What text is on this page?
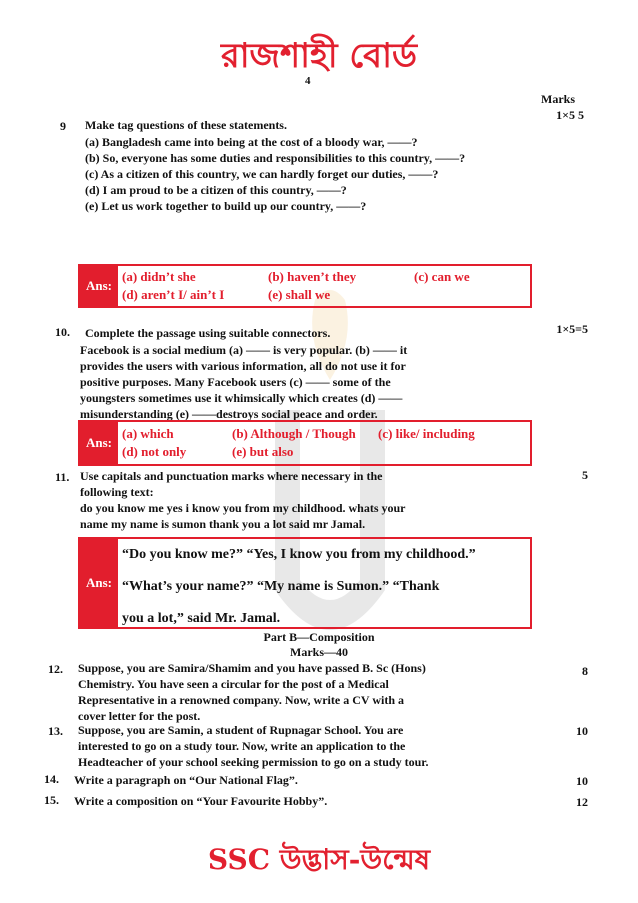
রাজশাহী বোর্ড
4
Marks
9 Make tag questions of these statements.
1×5 5
(a) Bangladesh came into being at the cost of a bloody war, ——?
(b) So, everyone has some duties and responsibilities to this country, ——?
(c) As a citizen of this country, we can hardly forget our duties, ——?
(d) I am proud to be a citizen of this country, ——?
(e) Let us work together to build up our country, ——?
Ans:
(a) didn’t she	(b) haven’t they	(c) can we
(d) aren’t I/ ain’t I	(e) shall we
10. Complete the passage using suitable connectors.	1×5=5
Facebook is a social medium (a) —— is very popular. (b) —— it
provides the users with various information, all do not use it for
positive purposes. Many Facebook users (c) —— some of the
youngsters sometimes use it whimsically which creates (d) ——
misunderstanding (e) ——destroys social peace and order.
Ans:
(a) which	(b) Although / Though (c) like/ including
(d) not only	(e) but also
11. Use capitals and punctuation marks where necessary in the
following text:
5
do you know me yes i know you from my childhood. whats your
name my name is sumon thank you a lot said mr Jamal.
Ans:
“Do you know me?” “Yes, I know you from my childhood.”
“What’s your name?” “My name is Sumon.” “Thank
you a lot,” said Mr. Jamal.
Part B—Composition
Marks—40
12. Suppose, you are Samira/Shamim and you have passed B. Sc (Hons)
Chemistry. You have seen a circular for the post of a Medical
Representative in a renowned company. Now, write a CV with a
cover letter for the post.
8
13. Suppose, you are Samin, a student of Rupnagar School. You are
interested to go on a study tour. Now, write an application to the
Headteacher of your school seeking permission to go on a study tour.
10
14. Write a paragraph on “Our National Flag”.	10
15. Write a composition on “Your Favourite Hobby”.	12
SSC উদ্ভাস-উন্মেষ
